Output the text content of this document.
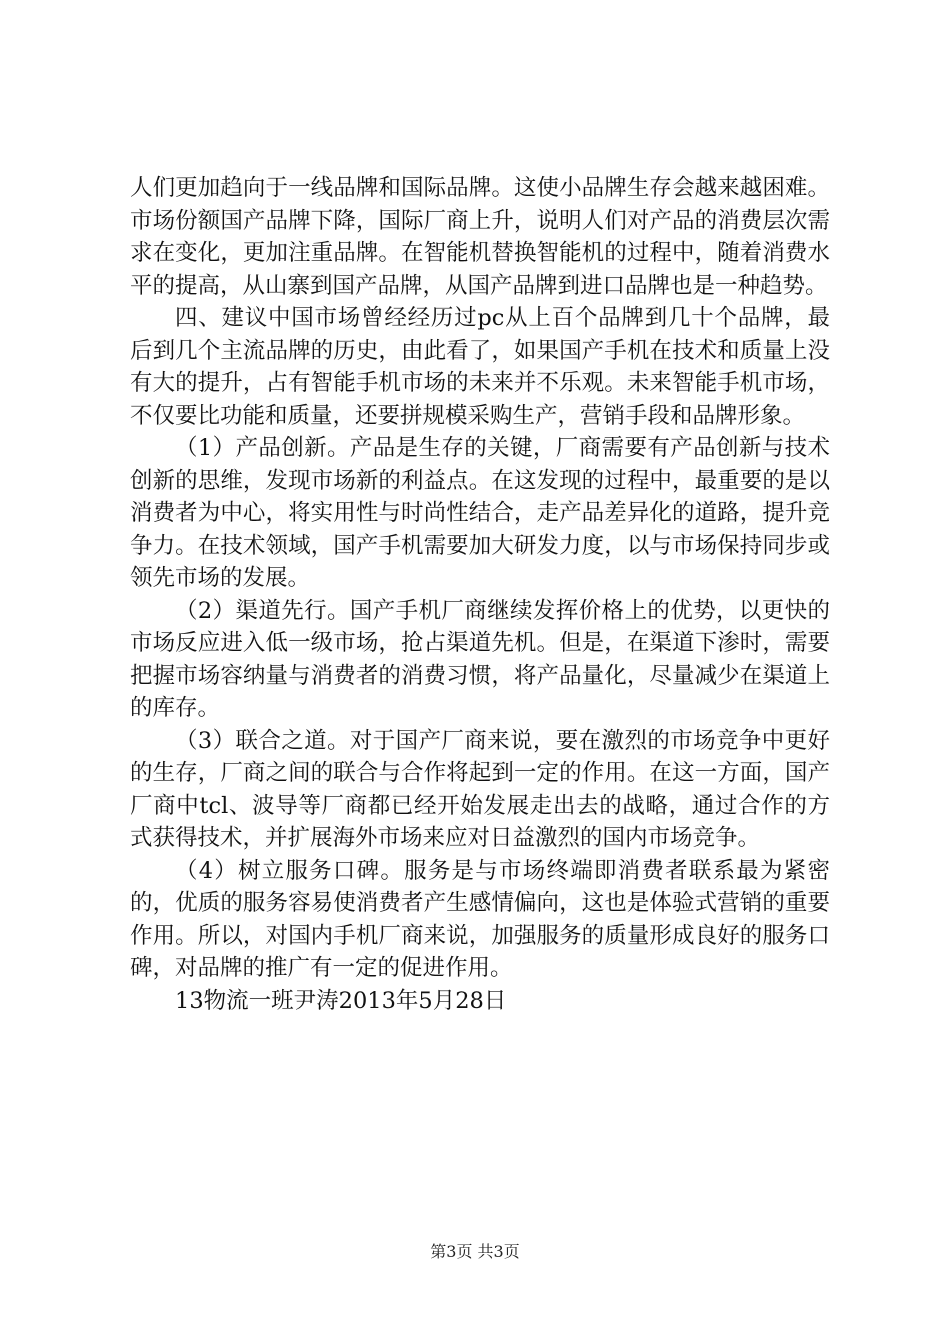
人们更加趋向于一线品牌和国际品牌。这使小品牌生存会越来越困难。市场份额国产品牌下降，国际厂商上升，说明人们对产品的消费层次需求在变化，更加注重品牌。在智能机替换智能机的过程中，随着消费水平的提高，从山寨到国产品牌，从国产品牌到进口品牌也是一种趋势。

四、建议中国市场曾经经历过pc从上百个品牌到几十个品牌，最后到几个主流品牌的历史，由此看了，如果国产手机在技术和质量上没有大的提升，占有智能手机市场的未来并不乐观。未来智能手机市场，不仅要比功能和质量，还要拼规模采购生产，营销手段和品牌形象。

（1）产品创新。产品是生存的关键，厂商需要有产品创新与技术创新的思维，发现市场新的利益点。在这发现的过程中，最重要的是以消费者为中心，将实用性与时尚性结合，走产品差异化的道路，提升竞争力。在技术领域，国产手机需要加大研发力度，以与市场保持同步或领先市场的发展。

（2）渠道先行。国产手机厂商继续发挥价格上的优势，以更快的市场反应进入低一级市场，抢占渠道先机。但是，在渠道下渗时，需要把握市场容纳量与消费者的消费习惯，将产品量化，尽量减少在渠道上的库存。

（3）联合之道。对于国产厂商来说，要在激烈的市场竞争中更好的生存，厂商之间的联合与合作将起到一定的作用。在这一方面，国产厂商中tcl、波导等厂商都已经开始发展走出去的战略，通过合作的方式获得技术，并扩展海外市场来应对日益激烈的国内市场竞争。

（4）树立服务口碑。服务是与市场终端即消费者联系最为紧密的，优质的服务容易使消费者产生感情偏向，这也是体验式营销的重要作用。所以，对国内手机厂商来说，加强服务的质量形成良好的服务口碑，对品牌的推广有一定的促进作用。

13物流一班尹涛2013年5月28日

第3页 共3页
